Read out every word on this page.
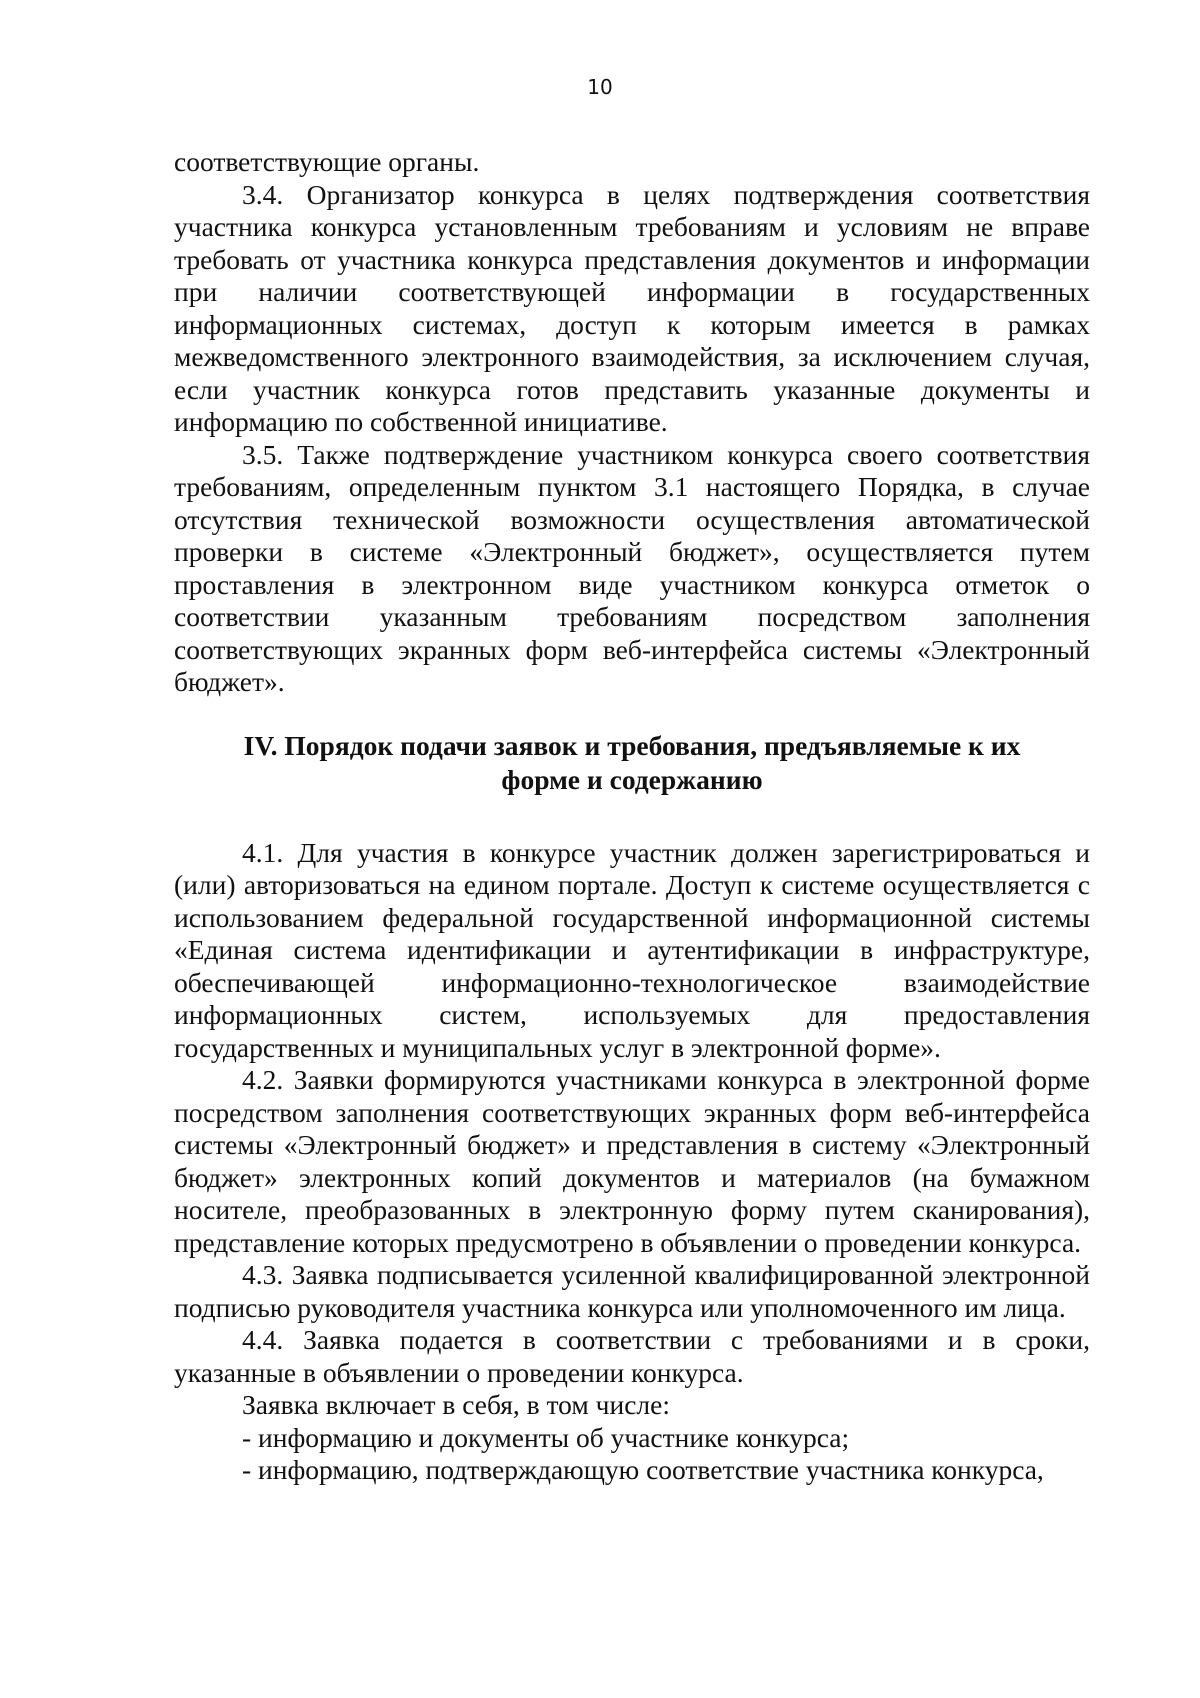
10

соответствующие органы.

3.4. Организатор конкурса в целях подтверждения соответствия участника конкурса установленным требованиям и условиям не вправе требовать от участника конкурса представления документов и информации при наличии соответствующей информации в государственных информационных системах, доступ к которым имеется в рамках межведомственного электронного взаимодействия, за исключением случая, если участник конкурса готов представить указанные документы и информацию по собственной инициативе.

3.5. Также подтверждение участником конкурса своего соответствия требованиям, определенным пунктом 3.1 настоящего Порядка, в случае отсутствия технической возможности осуществления автоматической проверки в системе «Электронный бюджет», осуществляется путем проставления в электронном виде участником конкурса отметок о соответствии указанным требованиям посредством заполнения соответствующих экранных форм веб-интерфейса системы «Электронный бюджет».

IV. Порядок подачи заявок и требования, предъявляемые к их
форме и содержанию

4.1. Для участия в конкурсе участник должен зарегистрироваться и (или) авторизоваться на едином портале. Доступ к системе осуществляется с использованием федеральной государственной информационной системы «Единая система идентификации и аутентификации в инфраструктуре, обеспечивающей информационно-технологическое взаимодействие информационных систем, используемых для предоставления государственных и муниципальных услуг в электронной форме».

4.2. Заявки формируются участниками конкурса в электронной форме посредством заполнения соответствующих экранных форм веб-интерфейса системы «Электронный бюджет» и представления в систему «Электронный бюджет» электронных копий документов и материалов (на бумажном носителе, преобразованных в электронную форму путем сканирования), представление которых предусмотрено в объявлении о проведении конкурса.

4.3. Заявка подписывается усиленной квалифицированной электронной подписью руководителя участника конкурса или уполномоченного им лица.

4.4. Заявка подается в соответствии с требованиями и в сроки, указанные в объявлении о проведении конкурса.

Заявка включает в себя, в том числе:

- информацию и документы об участнике конкурса;

- информацию, подтверждающую соответствие участника конкурса,
